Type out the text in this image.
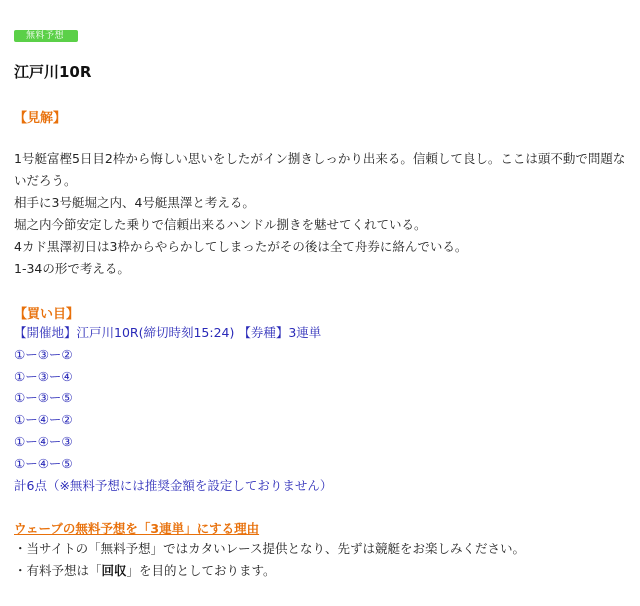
無料予想
江戸川10R
【見解】

1号艇富樫5日目2枠から悔しい思いをしたがイン捌きしっかり出来る。信頼して良し。ここは頭不動で問題ないだろう。

相手に3号艇堀之内、4号艇黒澤と考える。

堀之内今節安定した乗りで信頼出来るハンドル捌きを魅せてくれている。

4カド黒澤初日は3枠からやらかしてしまったがその後は全て舟券に絡んでいる。

1-34の形で考える。

【買い目】
【開催地】江戸川10R(締切時刻15:24) 【券種】3連単
①ー③ー②
①ー③ー④
①ー③ー⑤
①ー④ー②
①ー④ー③
①ー④ー⑤
計6点（※無料予想には推奨金額を設定しておりません）
ウェーブの無料予想を「3連単」にする理由
・当サイトの「無料予想」ではカタいレース提供となり、先ずは競艇をお楽しみください。
・有料予想は「回収」を目的としております。
